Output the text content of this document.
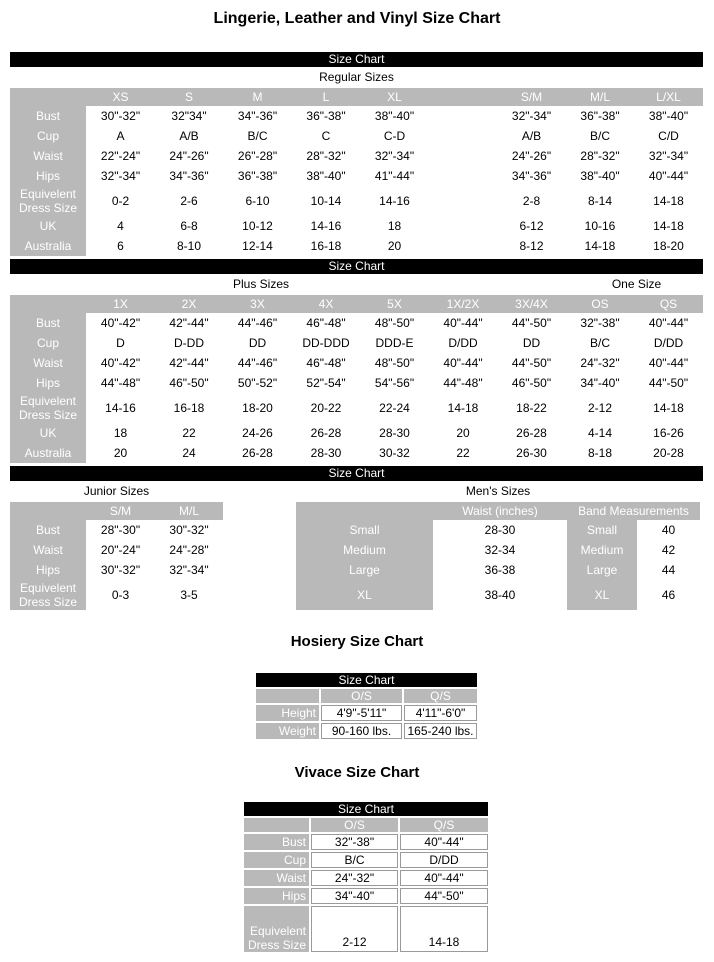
Lingerie, Leather and Vinyl Size Chart
Size Chart
Regular Sizes
	XS	S	M	L	XL		S/M	M/L	L/XL
Bust	30"-32"	32"34"	34"-36"	36"-38"	38"-40"		32"-34"	36"-38"	38"-40"
Cup	A	A/B	B/C	C	C-D		A/B	B/C	C/D
Waist	22"-24"	24"-26"	26"-28"	28"-32"	32"-34"		24"-26"	28"-32"	32"-34"
Hips	32"-34"	34"-36"	36"-38"	38"-40"	41"-44"		34"-36"	38"-40"	40"-44"
Equivelent Dress Size	0-2	2-6	6-10	10-14	14-16		2-8	8-14	14-18
UK	4	6-8	10-12	14-16	18		6-12	10-16	14-18
Australia	6	8-10	12-14	16-18	20		8-12	14-18	18-20
Size Chart
Plus Sizes	One Size
	1X	2X	3X	4X	5X	1X/2X	3X/4X	OS	QS
Bust	40"-42"	42"-44"	44"-46"	46"-48"	48"-50"	40"-44"	44"-50"	32"-38"	40"-44"
Cup	D	D-DD	DD	DD-DDD	DDD-E	D/DD	DD	B/C	D/DD
Waist	40"-42"	42"-44"	44"-46"	46"-48"	48"-50"	40"-44"	44"-50"	24"-32"	40"-44"
Hips	44"-48"	46"-50"	50"-52"	52"-54"	54"-56"	44"-48"	46"-50"	34"-40"	44"-50"
Equivelent Dress Size	14-16	16-18	18-20	20-22	22-24	14-18	18-22	2-12	14-18
UK	18	22	24-26	26-28	28-30	20	26-28	4-14	16-26
Australia	20	24	26-28	28-30	30-32	22	26-30	8-18	20-28
Size Chart
Junior Sizes	Men's Sizes
	S/M	M/L
Bust	28"-30"	30"-32"
Waist	20"-24"	24"-28"
Hips	30"-32"	32"-34"
Equivelent Dress Size	0-3	3-5
	Waist (inches)	Band Measurements	
Small	28-30	Small	40
Medium	32-34	Medium	42
Large	36-38	Large	44
XL	38-40	XL	46
Hosiery Size Chart
Size Chart		
	O/S	Q/S
Height	4'9"-5'11"	4'11"-6'0"
Weight	90-160 lbs.	165-240 lbs.
Vivace Size Chart
Size Chart		
	O/S	Q/S
Bust	32"-38"	40"-44"
Cup	B/C	D/DD
Waist	24"-32"	40"-44"
Hips	34"-40"	44"-50"
Equivelent Dress Size	2-12	14-18
